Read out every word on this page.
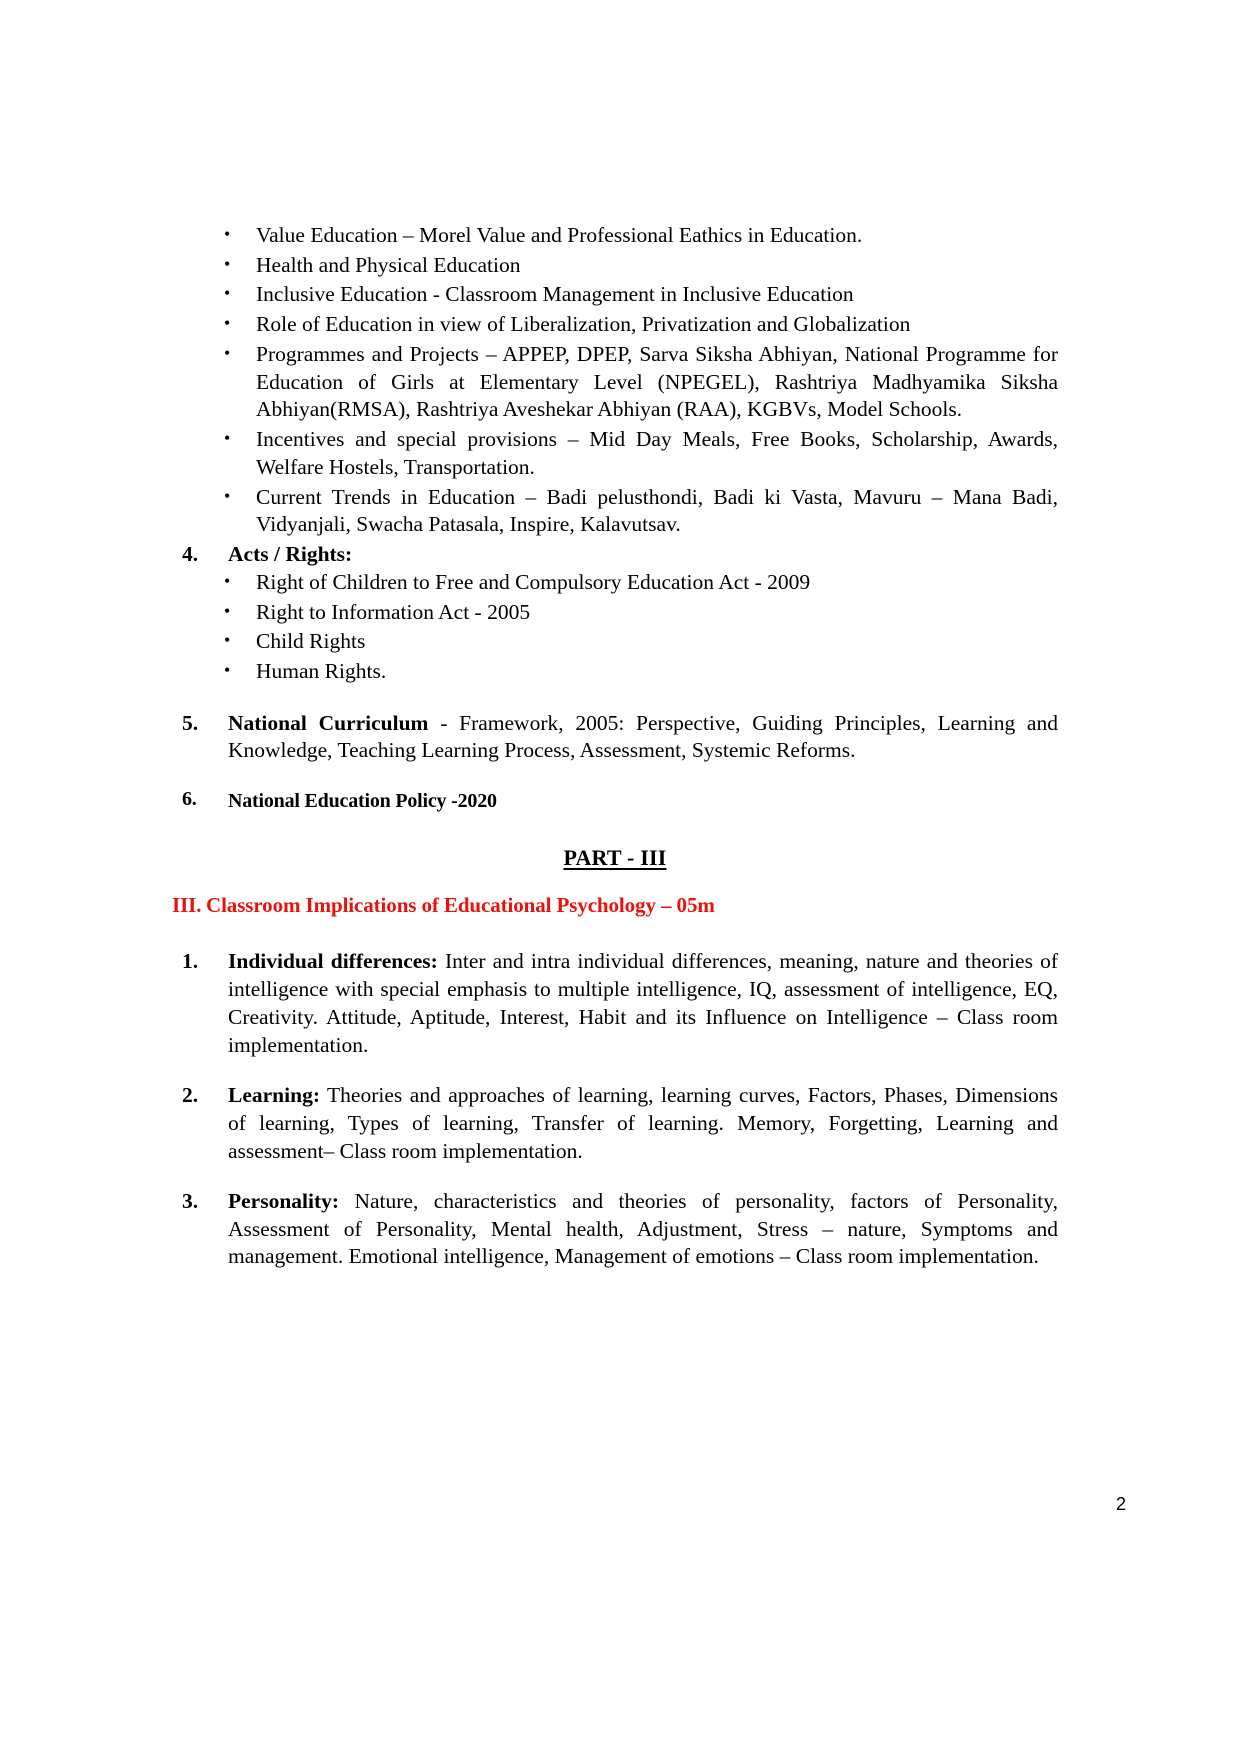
• Value Education – Morel Value and Professional Eathics in Education.
• Health and Physical Education
• Inclusive Education - Classroom Management in Inclusive Education
• Role of Education in view of Liberalization, Privatization and Globalization
• Programmes and Projects – APPEP, DPEP, Sarva Siksha Abhiyan, National Programme for Education of Girls at Elementary Level (NPEGEL), Rashtriya Madhyamika Siksha Abhiyan(RMSA), Rashtriya Aveshekar Abhiyan (RAA), KGBVs, Model Schools.
• Incentives and special provisions – Mid Day Meals, Free Books, Scholarship, Awards, Welfare Hostels, Transportation.
• Current Trends in Education – Badi pelusthondi, Badi ki Vasta, Mavuru – Mana Badi, Vidyanjali, Swacha Patasala, Inspire, Kalavutsav.
4. Acts / Rights:
• Right of Children to Free and Compulsory Education Act - 2009
• Right to Information Act - 2005
• Child Rights
• Human Rights.
5. National Curriculum - Framework, 2005: Perspective, Guiding Principles, Learning and Knowledge, Teaching Learning Process, Assessment, Systemic Reforms.
6. National Education Policy -2020
PART - III
III. Classroom Implications of Educational Psychology – 05m
1. Individual differences: Inter and intra individual differences, meaning, nature and theories of intelligence with special emphasis to multiple intelligence, IQ, assessment of intelligence, EQ, Creativity. Attitude, Aptitude, Interest, Habit and its Influence on Intelligence – Class room implementation.
2. Learning: Theories and approaches of learning, learning curves, Factors, Phases, Dimensions of learning, Types of learning, Transfer of learning. Memory, Forgetting, Learning and assessment– Class room implementation.
3. Personality: Nature, characteristics and theories of personality, factors of Personality, Assessment of Personality, Mental health, Adjustment, Stress – nature, Symptoms and management. Emotional intelligence, Management of emotions – Class room implementation.
2
